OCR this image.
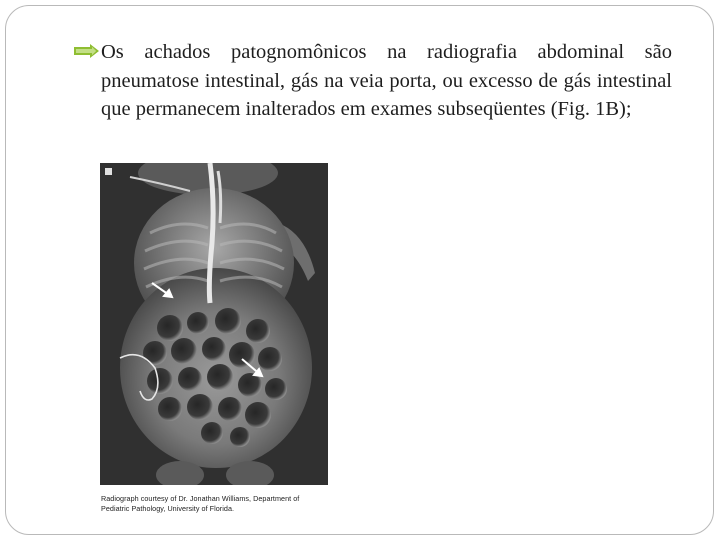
Os achados patognomônicos na radiografia abdominal são pneumatose intestinal, gás na veia porta, ou excesso de gás intestinal que permanecem inalterados em exames subseqüentes (Fig. 1B);

Radiograph courtesy of Dr. Jonathan Williams, Department of
Pediatric Pathology, University of Florida.
